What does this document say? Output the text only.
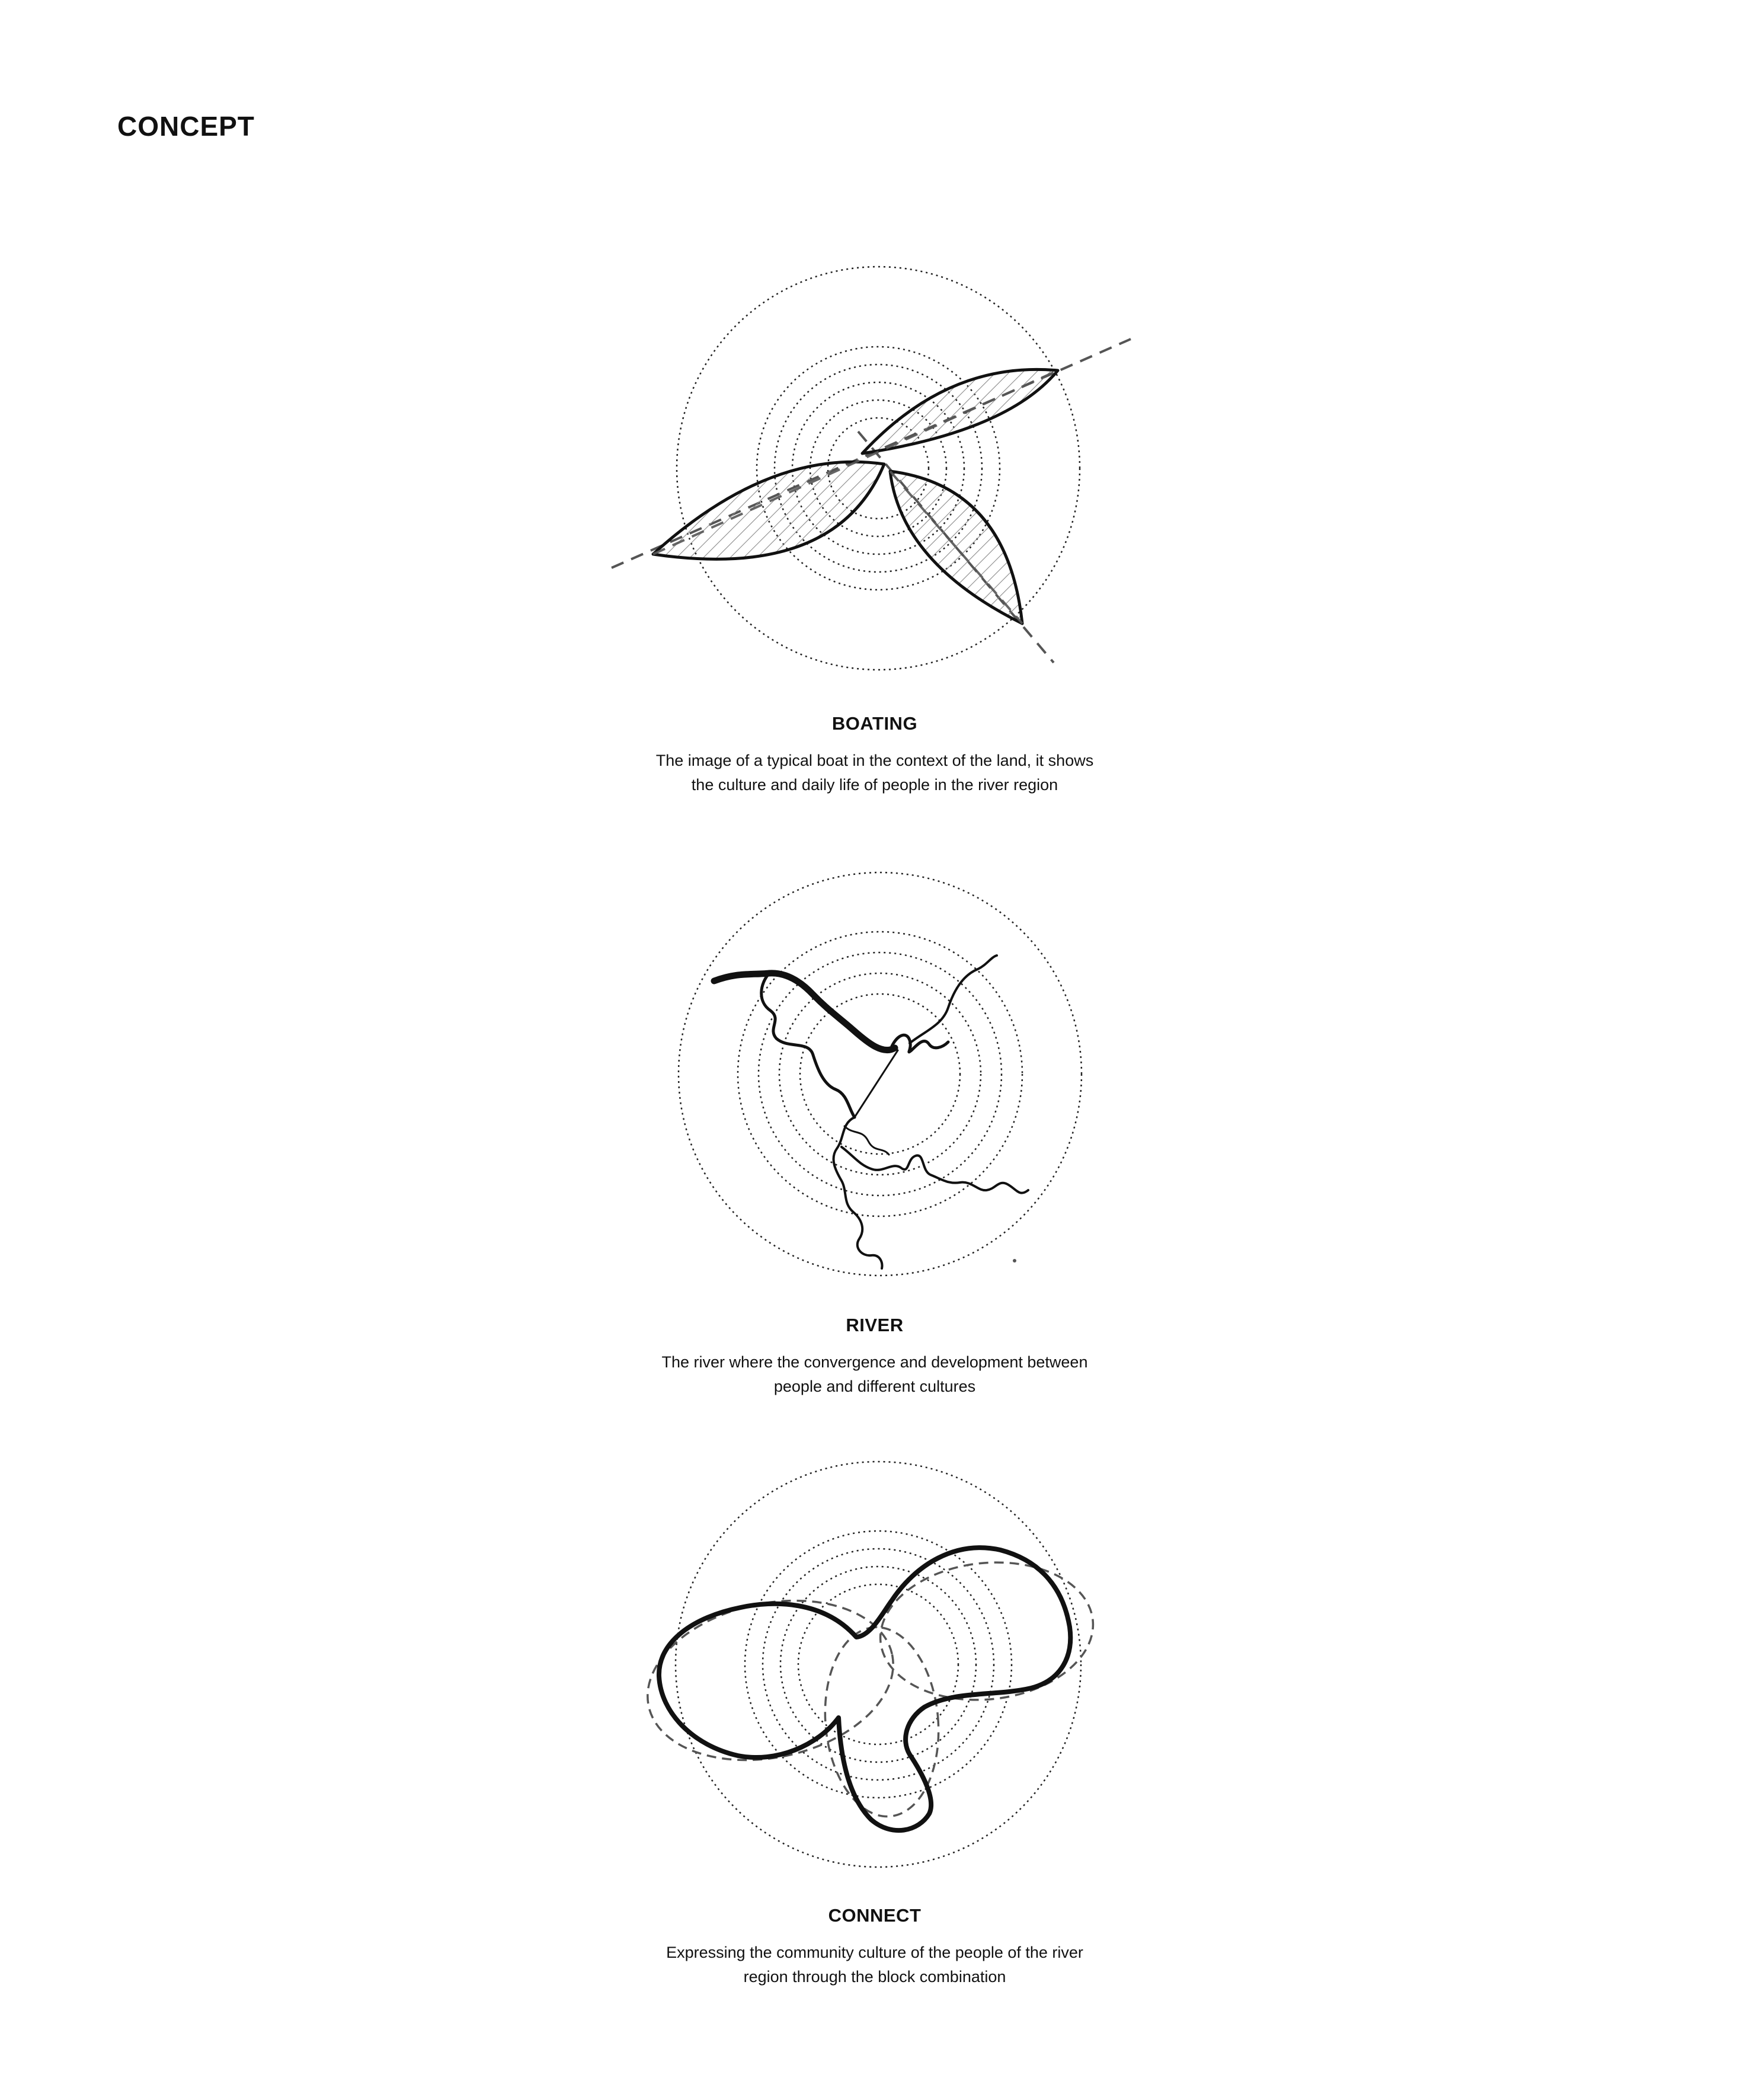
CONCEPT
BOATING

The image of a typical boat in the context of the land, it shows
the culture and daily life of people in the river region

RIVER

The river where the convergence and development between
people and different cultures

CONNECT

Expressing the community culture of the people of the river
region through the block combination
